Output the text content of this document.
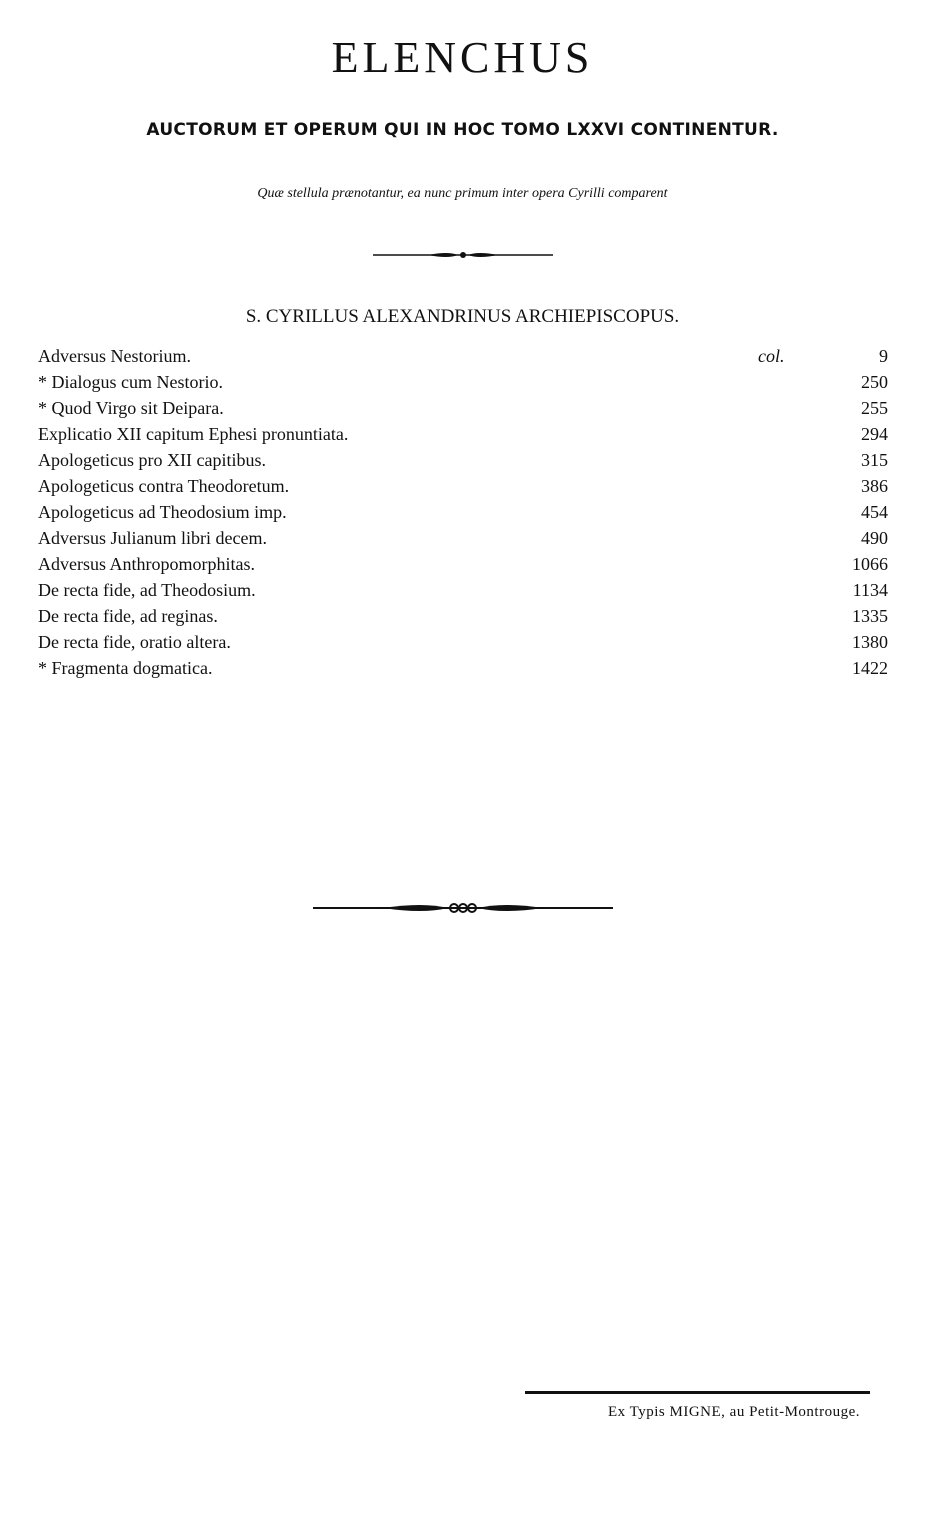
ELENCHUS
AUCTORUM ET OPERUM QUI IN HOC TOMO LXXVI CONTINENTUR.
Quæ stellula prænotantur, ea nunc primum inter opera Cyrilli comparent
S. CYRILLUS ALEXANDRINUS ARCHIEPISCOPUS.
Adversus Nestorium.	col.	9
* Dialogus cum Nestorio.	250
* Quod Virgo sit Deipara.	255
Explicatio XII capitum Ephesi pronuntiata.	294
Apologeticus pro XII capitibus.	315
Apologeticus contra Theodoretum.	386
Apologeticus ad Theodosium imp.	454
Adversus Julianum libri decem.	490
Adversus Anthropomorphitas.	1066
De recta fide, ad Theodosium.	1134
De recta fide, ad reginas.	1335
De recta fide, oratio altera.	1380
* Fragmenta dogmatica.	1422
Ex Typis MIGNE, au Petit-Montrouge.
